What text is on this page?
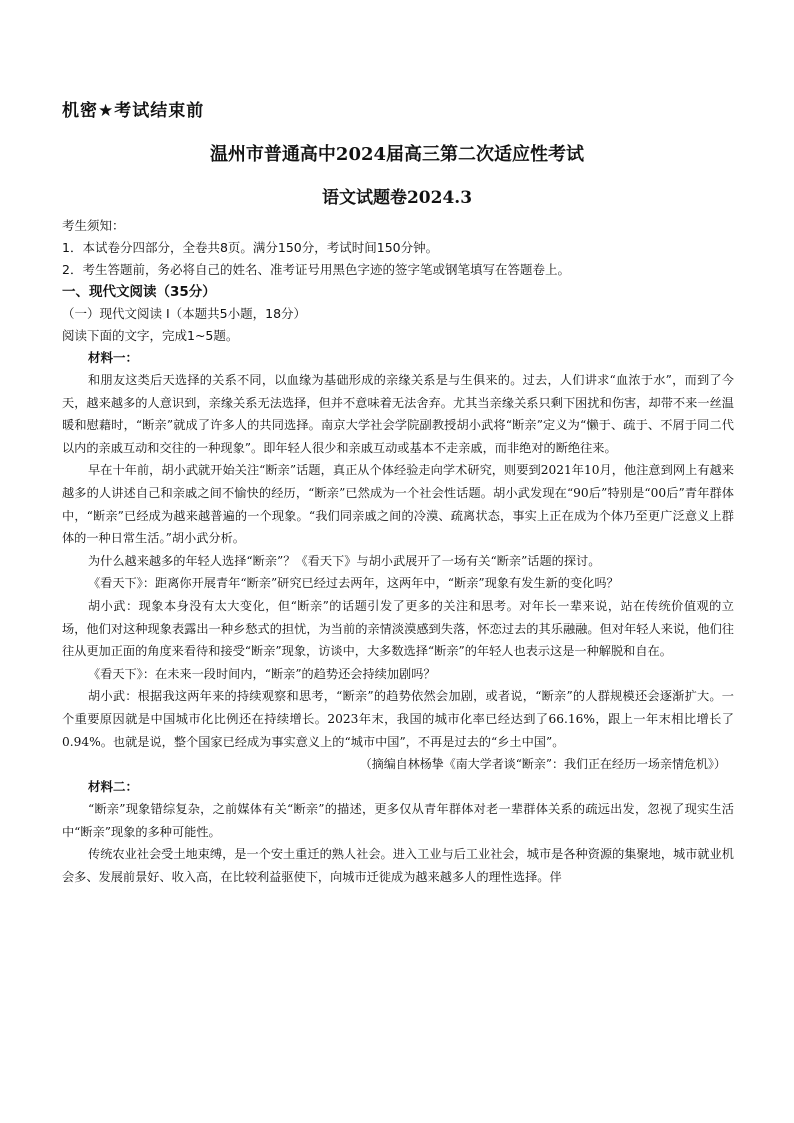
机密★考试结束前
温州市普通高中2024届高三第二次适应性考试
语文试题卷2024.3
考生须知：
1．本试卷分四部分，全卷共8页。满分150分，考试时间150分钟。
2．考生答题前，务必将自己的姓名、准考证号用黑色字迹的签字笔或钢笔填写在答题卷上。
一、现代文阅读（35分）
（一）现代文阅读 I（本题共5小题，18分）
阅读下面的文字，完成1~5题。
材料一：

和朋友这类后天选择的关系不同，以血缘为基础形成的亲缘关系是与生俱来的。过去，人们讲求“血浓于水”，而到了今天，越来越多的人意识到，亲缘关系无法选择，但并不意味着无法舍弃。尤其当亲缘关系只剩下困扰和伤害，却带不来一丝温暖和慰藉时，“断亲”就成了许多人的共同选择。南京大学社会学院副教授胡小武将“断亲”定义为“懒于、疏于、不屑于同二代以内的亲戚互动和交往的一种现象”。即年轻人很少和亲戚互动或基本不走亲戚，而非绝对的断绝往来。

早在十年前，胡小武就开始关注“断亲”话题，真正从个体经验走向学术研究，则要到2021年10月，他注意到网上有越来越多的人讲述自己和亲戚之间不愉快的经历，“断亲”已然成为一个社会性话题。胡小武发现在“90后”特别是“00后”青年群体中，“断亲”已经成为越来越普遍的一个现象。“我们同亲戚之间的冷漠、疏离状态，事实上正在成为个体乃至更广泛意义上群体的一种日常生活。”胡小武分析。

为什么越来越多的年轻人选择“断亲”？《看天下》与胡小武展开了一场有关“断亲”话题的探讨。

《看天下》：距离你开展青年“断亲”研究已经过去两年，这两年中，“断亲”现象有发生新的变化吗？

胡小武：现象本身没有太大变化，但“断亲”的话题引发了更多的关注和思考。对年长一辈来说，站在传统价值观的立场，他们对这种现象表露出一种乡愁式的担忧，为当前的亲情淡漠感到失落，怀恋过去的其乐融融。但对年轻人来说，他们往往从更加正面的角度来看待和接受“断亲”现象，访谈中，大多数选择“断亲”的年轻人也表示这是一种解脱和自在。

《看天下》：在未来一段时间内，“断亲”的趋势还会持续加剧吗？

胡小武：根据我这两年来的持续观察和思考，“断亲”的趋势依然会加剧，或者说，“断亲”的人群规模还会逐渐扩大。一个重要原因就是中国城市化比例还在持续增长。2023年末，我国的城市化率已经达到了66.16%，跟上一年末相比增长了0.94%。也就是说，整个国家已经成为事实意义上的“城市中国”，不再是过去的“乡土中国”。

（摘编自林杨挚《南大学者谈“断亲”：我们正在经历一场亲情危机》）
材料二：

“断亲”现象错综复杂，之前媒体有关“断亲”的描述，更多仅从青年群体对老一辈群体关系的疏远出发，忽视了现实生活中“断亲”现象的多种可能性。

传统农业社会受土地束缚，是一个安土重迁的熟人社会。进入工业与后工业社会，城市是各种资源的集聚地，城市就业机会多、发展前景好、收入高，在比较利益驱使下，向城市迁徙成为越来越多人的理性选择。伴
